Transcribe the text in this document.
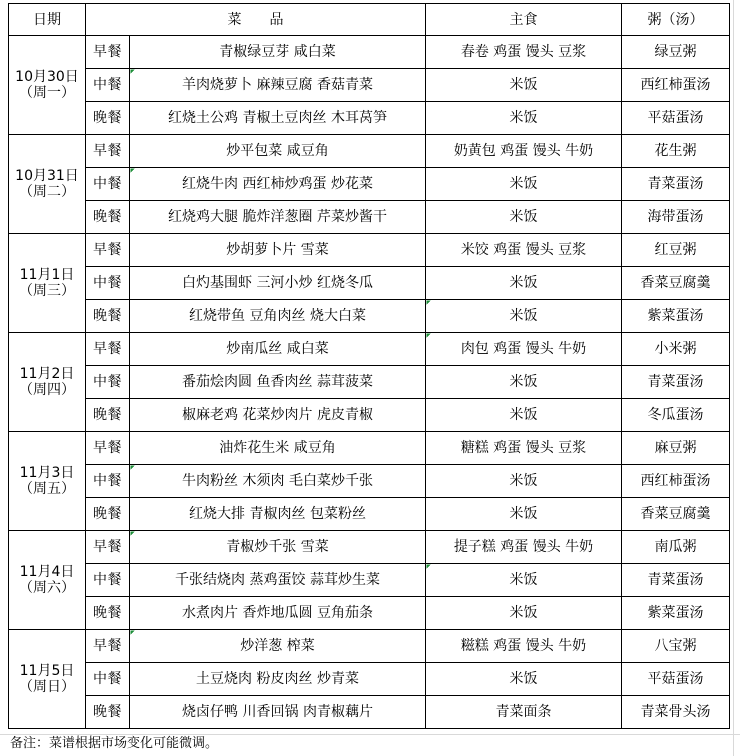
日期	菜　　品		主食	粥（汤）

10月30日
（周一）	早餐	青椒绿豆芽 咸白菜	春卷 鸡蛋 馒头 豆浆	绿豆粥
	中餐	羊肉烧萝卜 麻辣豆腐 香菇青菜	米饭	西红柿蛋汤
	晚餐	红烧土公鸡 青椒土豆肉丝 木耳莴笋	米饭	平菇蛋汤

10月31日
（周二）	早餐	炒平包菜 咸豆角	奶黄包 鸡蛋 馒头 牛奶	花生粥
	中餐	红烧牛肉 西红柿炒鸡蛋 炒花菜	米饭	青菜蛋汤
	晚餐	红烧鸡大腿 脆炸洋葱圈 芹菜炒酱干	米饭	海带蛋汤

11月1日
（周三）	早餐	炒胡萝卜片 雪菜	米饺 鸡蛋 馒头 豆浆	红豆粥
	中餐	白灼基围虾 三河小炒 红烧冬瓜	米饭	香菜豆腐羹
	晚餐	红烧带鱼 豆角肉丝 烧大白菜	米饭	紫菜蛋汤

11月2日
（周四）	早餐	炒南瓜丝 咸白菜	肉包 鸡蛋 馒头 牛奶	小米粥
	中餐	番茄烩肉圆 鱼香肉丝 蒜茸菠菜	米饭	青菜蛋汤
	晚餐	椒麻老鸡 花菜炒肉片 虎皮青椒	米饭	冬瓜蛋汤

11月3日
（周五）	早餐	油炸花生米 咸豆角	糖糕 鸡蛋 馒头 豆浆	麻豆粥
	中餐	牛肉粉丝 木须肉 毛白菜炒千张	米饭	西红柿蛋汤
	晚餐	红烧大排 青椒肉丝 包菜粉丝	米饭	香菜豆腐羹

11月4日
（周六）	早餐	青椒炒千张 雪菜	提子糕 鸡蛋 馒头 牛奶	南瓜粥
	中餐	千张结烧肉 蒸鸡蛋饺 蒜茸炒生菜	米饭	青菜蛋汤
	晚餐	水煮肉片 香炸地瓜圆 豆角茄条	米饭	紫菜蛋汤

11月5日
（周日）	早餐	炒洋葱 榨菜	糍糕 鸡蛋 馒头 牛奶	八宝粥
	中餐	土豆烧肉 粉皮肉丝 炒青菜	米饭	平菇蛋汤
	晚餐	烧卤仔鸭 川香回锅 肉青椒藕片	青菜面条	青菜骨头汤
备注：菜谱根据市场变化可能微调。
